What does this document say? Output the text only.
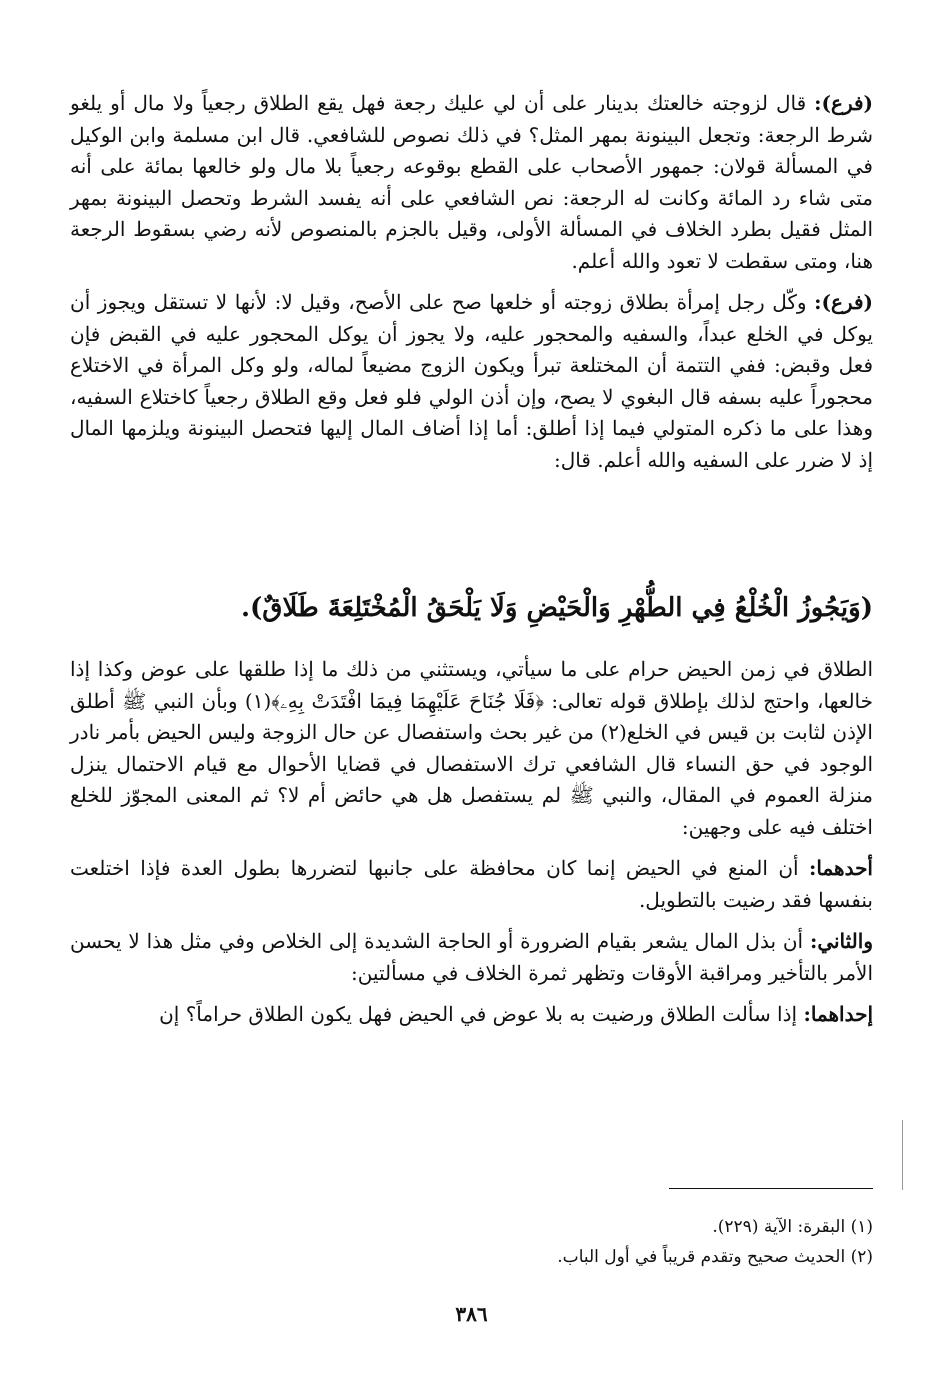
(فرع): قال لزوجته خالعتك بدينار على أن لي عليك رجعة فهل يقع الطلاق رجعياً ولا مال أو يلغو شرط الرجعة: وتجعل البينونة بمهر المثل؟ في ذلك نصوص للشافعي. قال ابن مسلمة وابن الوكيل في المسألة قولان: جمهور الأصحاب على القطع بوقوعه رجعياً بلا مال ولو خالعها بمائة على أنه متى شاء رد المائة وكانت له الرجعة: نص الشافعي على أنه يفسد الشرط وتحصل البينونة بمهر المثل فقيل بطرد الخلاف في المسألة الأولى، وقيل بالجزم بالمنصوص لأنه رضي بسقوط الرجعة هنا، ومتى سقطت لا تعود والله أعلم.

(فرع): وكّل رجل إمرأة بطلاق زوجته أو خلعها صح على الأصح، وقيل لا: لأنها لا تستقل ويجوز أن يوكل في الخلع عبداً، والسفيه والمحجور عليه، ولا يجوز أن يوكل المحجور عليه في القبض فإن فعل وقبض: ففي التتمة أن المختلعة تبرأ ويكون الزوج مضيعاً لماله، ولو وكل المرأة في الاختلاع محجوراً عليه بسفه قال البغوي لا يصح، وإن أذن الولي فلو فعل وقع الطلاق رجعياً كاختلاع السفيه، وهذا على ما ذكره المتولي فيما إذا أطلق: أما إذا أضاف المال إليها فتحصل البينونة ويلزمها المال إذ لا ضرر على السفيه والله أعلم. قال:

(وَيَجُوزُ الْخُلْعُ فِي الطُّهْرِ وَالْحَيْضِ وَلَا يَلْحَقُ الْمُخْتَلِعَةَ طَلَاقٌ).

الطلاق في زمن الحيض حرام على ما سيأتي، ويستثني من ذلك ما إذا طلقها على عوض وكذا إذا خالعها، واحتج لذلك بإطلاق قوله تعالى: ﴿فَلَا جُنَاحَ عَلَيْهِمَا فِيمَا افْتَدَتْ بِهِۦ﴾(١) وبأن النبي ﷺ أطلق الإذن لثابت بن قيس في الخلع(٢) من غير بحث واستفصال عن حال الزوجة وليس الحيض بأمر نادر الوجود في حق النساء قال الشافعي ترك الاستفصال في قضايا الأحوال مع قيام الاحتمال ينزل منزلة العموم في المقال، والنبي ﷺ لم يستفصل هل هي حائض أم لا؟ ثم المعنى المجوّز للخلع اختلف فيه على وجهين:

أحدهما: أن المنع في الحيض إنما كان محافظة على جانبها لتضررها بطول العدة فإذا اختلعت بنفسها فقد رضيت بالتطويل.

والثاني: أن بذل المال يشعر بقيام الضرورة أو الحاجة الشديدة إلى الخلاص وفي مثل هذا لا يحسن الأمر بالتأخير ومراقبة الأوقات وتظهر ثمرة الخلاف في مسألتين:

إحداهما: إذا سألت الطلاق ورضيت به بلا عوض في الحيض فهل يكون الطلاق حراماً؟ إن

(١) البقرة: الآية (٢٢٩).
(٢) الحديث صحيح وتقدم قريباً في أول الباب.
٣٨٦
